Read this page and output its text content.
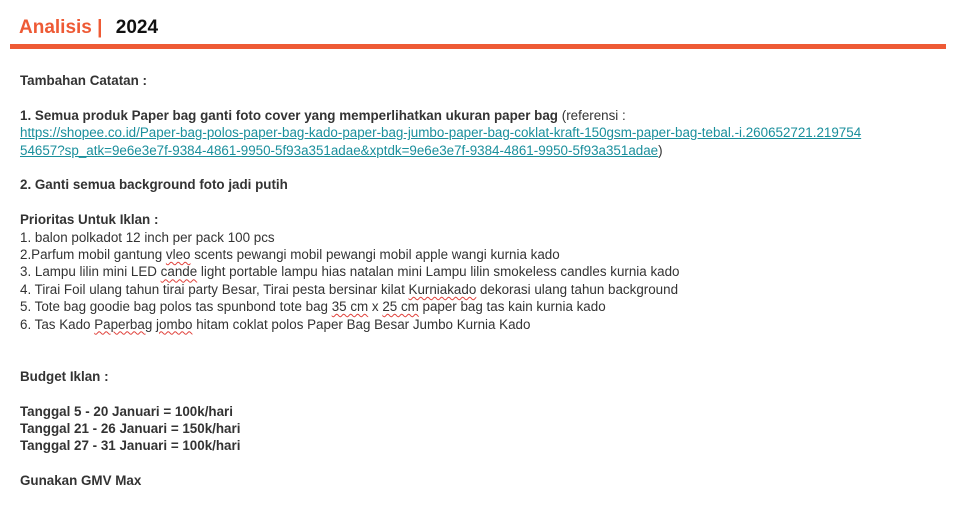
Analisis | 2024
Tambahan Catatan :
1. Semua produk Paper bag ganti foto cover yang memperlihatkan ukuran paper bag (referensi :
https://shopee.co.id/Paper-bag-polos-paper-bag-kado-paper-bag-jumbo-paper-bag-coklat-kraft-150gsm-paper-bag-tebal.-i.260652721.219754
54657?sp_atk=9e6e3e7f-9384-4861-9950-5f93a351adae&xptdk=9e6e3e7f-9384-4861-9950-5f93a351adae)
2. Ganti semua background foto jadi putih
Prioritas Untuk Iklan :
1. balon polkadot 12 inch per pack 100 pcs
2.Parfum mobil gantung vleo scents pewangi mobil pewangi mobil apple wangi kurnia kado
3. Lampu lilin mini LED cande light portable lampu hias natalan mini Lampu lilin smokeless candles kurnia kado
4. Tirai Foil ulang tahun tirai party Besar, Tirai pesta bersinar kilat Kurniakado dekorasi ulang tahun background
5. Tote bag goodie bag polos tas spunbond tote bag 35 cm x 25 cm paper bag tas kain kurnia kado
6. Tas Kado Paperbag jombo hitam coklat polos Paper Bag Besar Jumbo Kurnia Kado
Budget Iklan :
Tanggal 5 - 20 Januari = 100k/hari
Tanggal 21 - 26 Januari = 150k/hari
Tanggal 27 - 31 Januari = 100k/hari
Gunakan GMV Max
